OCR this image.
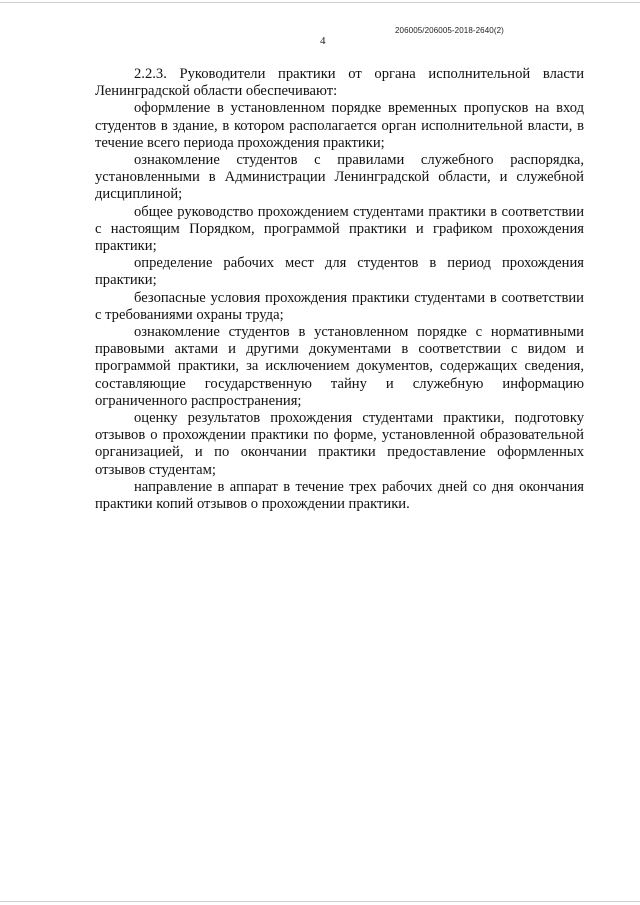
206005/206005-2018-2640(2)
4

2.2.3. Руководители практики от органа исполнительной власти Ленинградской области обеспечивают:

оформление в установленном порядке временных пропусков на вход студентов в здание, в котором располагается орган исполнительной власти, в течение всего периода прохождения практики;

ознакомление студентов с правилами служебного распорядка, установленными в Администрации Ленинградской области, и служебной дисциплиной;

общее руководство прохождением студентами практики в соответствии с настоящим Порядком, программой практики и графиком прохождения практики;

определение рабочих мест для студентов в период прохождения практики;

безопасные условия прохождения практики студентами в соответствии с требованиями охраны труда;

ознакомление студентов в установленном порядке с нормативными правовыми актами и другими документами в соответствии с видом и программой практики, за исключением документов, содержащих сведения, составляющие государственную тайну и служебную информацию ограниченного распространения;

оценку результатов прохождения студентами практики, подготовку отзывов о прохождении практики по форме, установленной образовательной организацией, и по окончании практики предоставление оформленных отзывов студентам;

направление в аппарат в течение трех рабочих дней со дня окончания практики копий отзывов о прохождении практики.
